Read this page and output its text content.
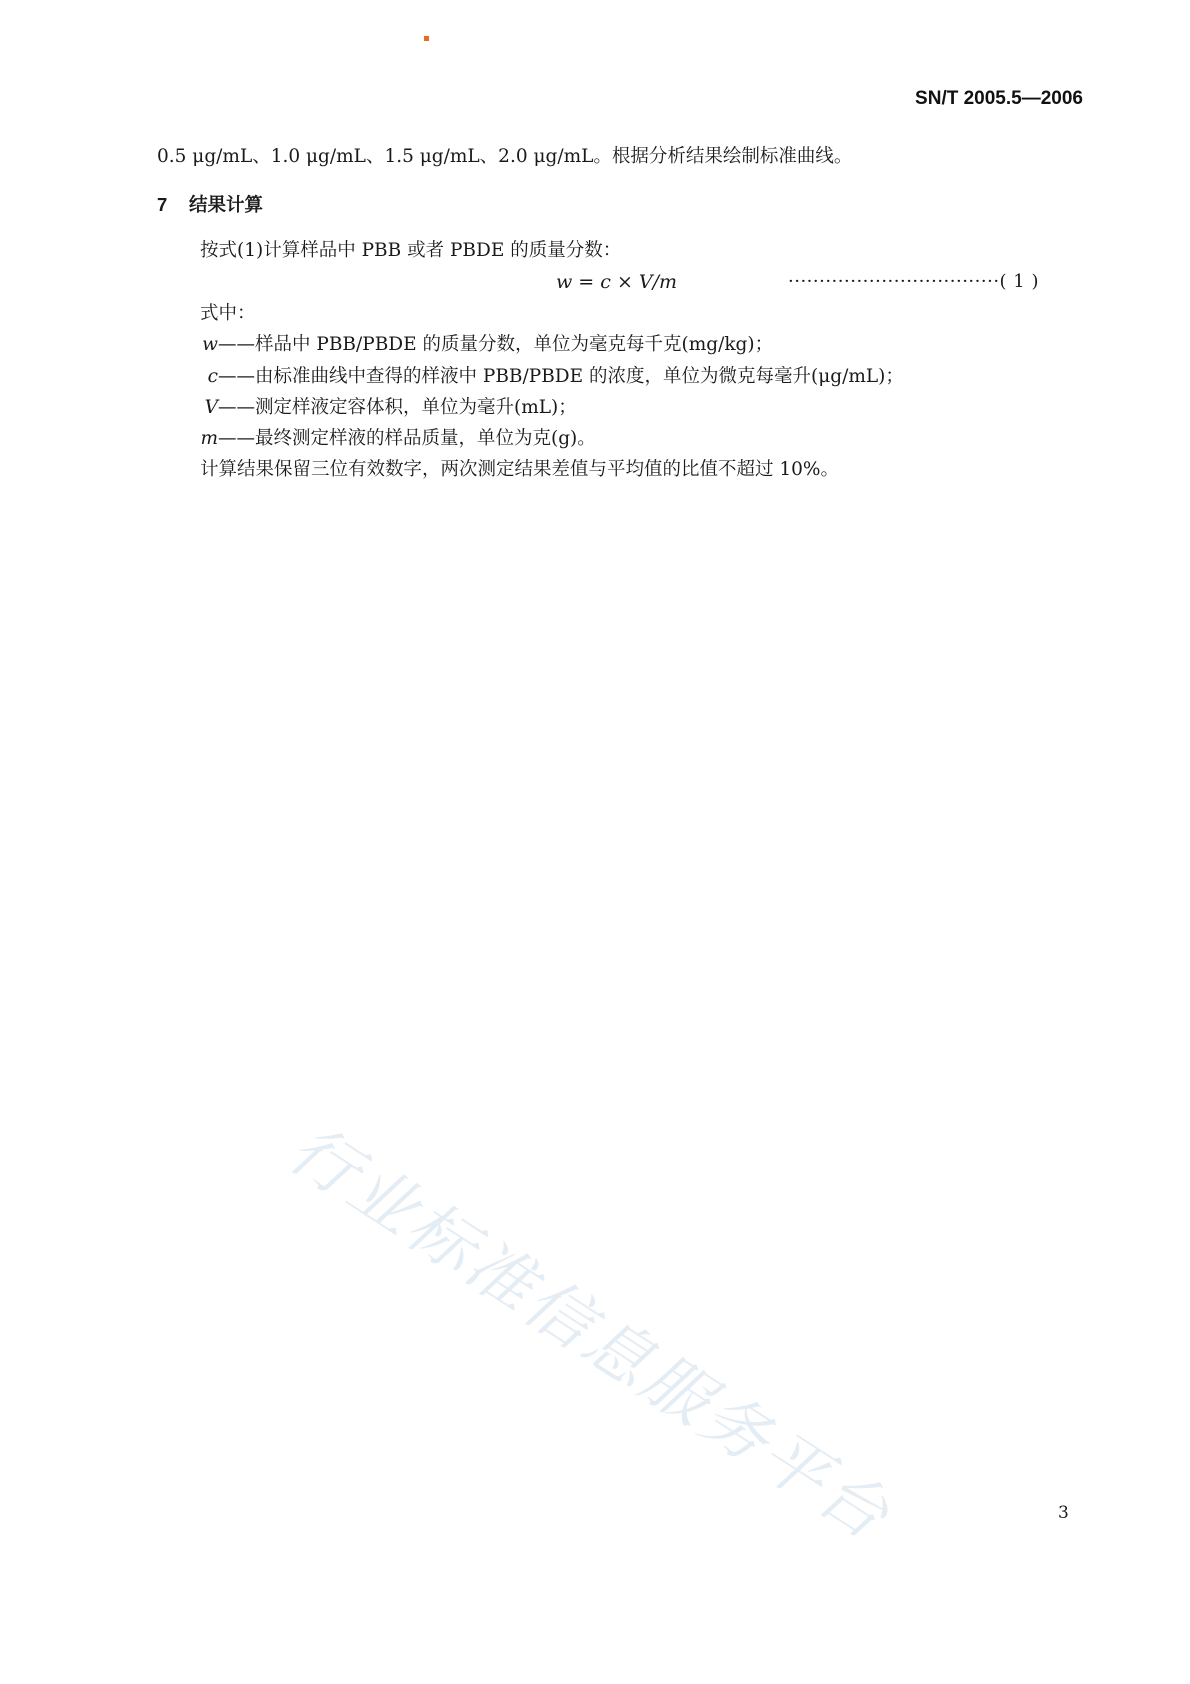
SN/T 2005.5—2006
0.5 μg/mL、1.0 μg/mL、1.5 μg/mL、2.0 μg/mL。根据分析结果绘制标准曲线。
7 结果计算
按式(1)计算样品中 PBB 或者 PBDE 的质量分数：
w = c × V/m	··································( 1 )
式中：
w——样品中 PBB/PBDE 的质量分数，单位为毫克每千克(mg/kg)；
c——由标准曲线中查得的样液中 PBB/PBDE 的浓度，单位为微克每毫升(μg/mL)；
V——测定样液定容体积，单位为毫升(mL)；
m——最终测定样液的样品质量，单位为克(g)。
计算结果保留三位有效数字，两次测定结果差值与平均值的比值不超过 10%。
行业标准信息服务平台	3
